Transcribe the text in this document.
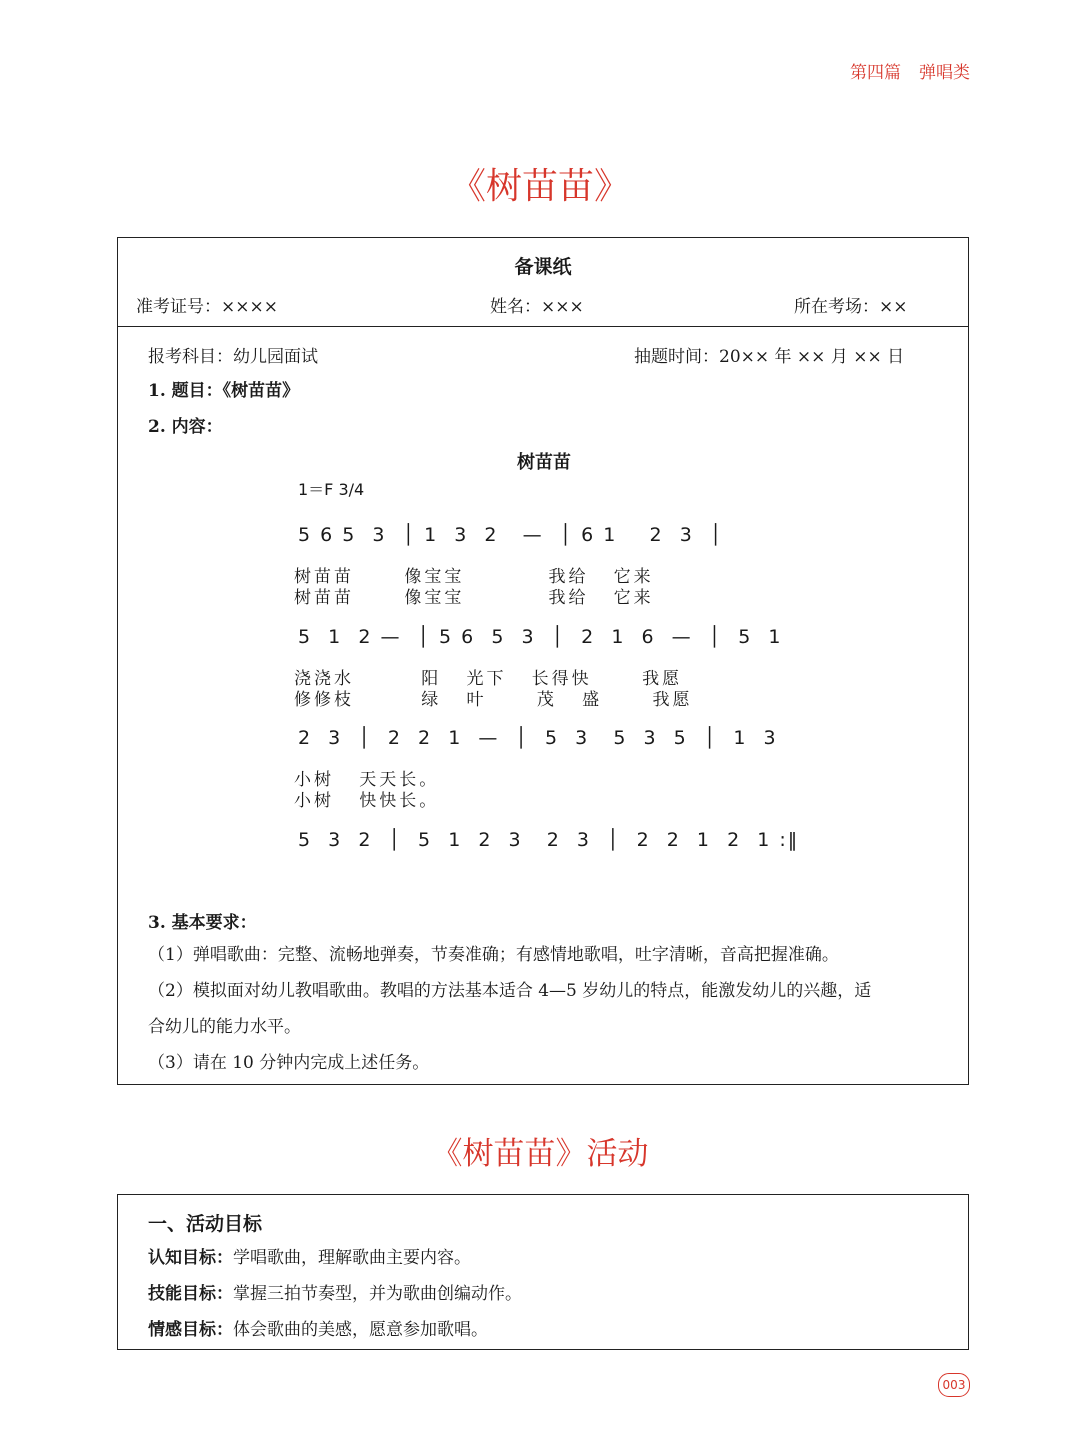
第四篇 弹唱类
《树苗苗》
备课纸
准考证号：××××	姓名：×××	所在考场：××
报考科目：幼儿园面试	抽题时间：20×× 年 ×× 月 ×× 日
1. 题目：《树苗苗》
2. 内容：
树苗苗
1＝F 3/4
5 6 5  3  │ 1  3  2   —  │ 6 1    2  3  │
树苗苗      像宝宝          我给   它来
树苗苗      像宝宝          我给   它来
5  1  2 —  │ 5 6  5  3  │  2  1  6  —  │  5  1
浇浇水        阳   光下   长得快      我愿
修修枝        绿   叶      茂   盛      我愿
2  3  │  2  2  1  —  │  5  3   5  3  5  │  1  3
小树   天天长。
小树   快快长。
5  3  2  │  5  1  2  3   2  3  │  2  2  1  2  1 :‖
3. 基本要求：
（1）弹唱歌曲：完整、流畅地弹奏，节奏准确；有感情地歌唱，吐字清晰，音高把握准确。
（2）模拟面对幼儿教唱歌曲。教唱的方法基本适合 4—5 岁幼儿的特点，能激发幼儿的兴趣，适
合幼儿的能力水平。
（3）请在 10 分钟内完成上述任务。
《树苗苗》活动
一、活动目标
认知目标：学唱歌曲，理解歌曲主要内容。
技能目标：掌握三拍节奏型，并为歌曲创编动作。
情感目标：体会歌曲的美感，愿意参加歌唱。
003
